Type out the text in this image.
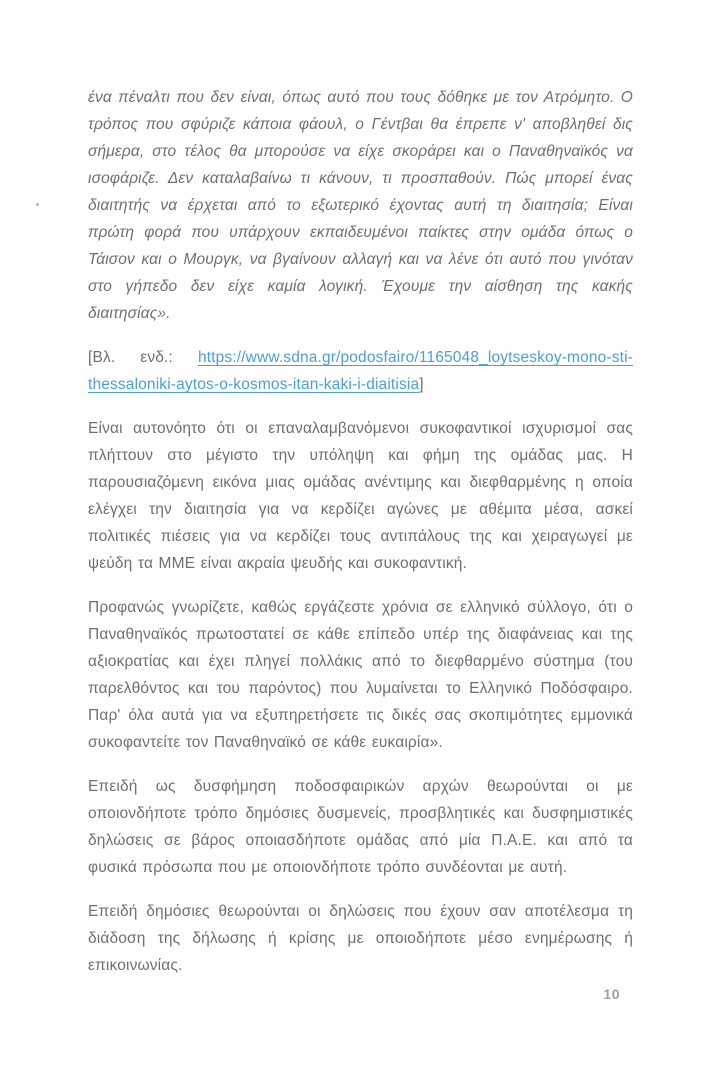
ένα πέναλτι που δεν είναι, όπως αυτό που τους δόθηκε με τον Ατρόμητο. Ο τρόπος που σφύριζε κάποια φάουλ, ο Γέντβαι θα έπρεπε ν' αποβληθεί δις σήμερα, στο τέλος θα μπορούσε να είχε σκοράρει και ο Παναθηναϊκός να ισοφάριζε. Δεν καταλαβαίνω τι κάνουν, τι προσπαθούν. Πώς μπορεί ένας διαιτητής να έρχεται από το εξωτερικό έχοντας αυτή τη διαιτησία; Είναι πρώτη φορά που υπάρχουν εκπαιδευμένοι παίκτες στην ομάδα όπως ο Τάισον και ο Μουργκ, να βγαίνουν αλλαγή και να λένε ότι αυτό που γινόταν στο γήπεδο δεν είχε καμία λογική. Έχουμε την αίσθηση της κακής διαιτησίας».

[Βλ. ενδ.: https://www.sdna.gr/podosfairo/1165048_loytseskoy-mono-sti-thessaloniki-aytos-o-kosmos-itan-kaki-i-diaitisia]

Είναι αυτονόητο ότι οι επαναλαμβανόμενοι συκοφαντικοί ισχυρισμοί σας πλήττουν στο μέγιστο την υπόληψη και φήμη της ομάδας μας. Η παρουσιαζόμενη εικόνα μιας ομάδας ανέντιμης και διεφθαρμένης η οποία ελέγχει την διαιτησία για να κερδίζει αγώνες με αθέμιτα μέσα, ασκεί πολιτικές πιέσεις για να κερδίζει τους αντιπάλους της και χειραγωγεί με ψεύδη τα ΜΜΕ είναι ακραία ψευδής και συκοφαντική.

Προφανώς γνωρίζετε, καθώς εργάζεστε χρόνια σε ελληνικό σύλλογο, ότι ο Παναθηναϊκός πρωτοστατεί σε κάθε επίπεδο υπέρ της διαφάνειας και της αξιοκρατίας και έχει πληγεί πολλάκις από το διεφθαρμένο σύστημα (του παρελθόντος και του παρόντος) που λυμαίνεται το Ελληνικό Ποδόσφαιρο. Παρ' όλα αυτά για να εξυπηρετήσετε τις δικές σας σκοπιμότητες εμμονικά συκοφαντείτε τον Παναθηναϊκό σε κάθε ευκαιρία».

Επειδή ως δυσφήμηση ποδοσφαιρικών αρχών θεωρούνται οι με οποιονδήποτε τρόπο δημόσιες δυσμενείς, προσβλητικές και δυσφημιστικές δηλώσεις σε βάρος οποιασδήποτε ομάδας από μία Π.Α.Ε. και από τα φυσικά πρόσωπα που με οποιονδήποτε τρόπο συνδέονται με αυτή.

Επειδή δημόσιες θεωρούνται οι δηλώσεις που έχουν σαν αποτέλεσμα τη διάδοση της δήλωσης ή κρίσης με οποιοδήποτε μέσο ενημέρωσης ή επικοινωνίας.

10
